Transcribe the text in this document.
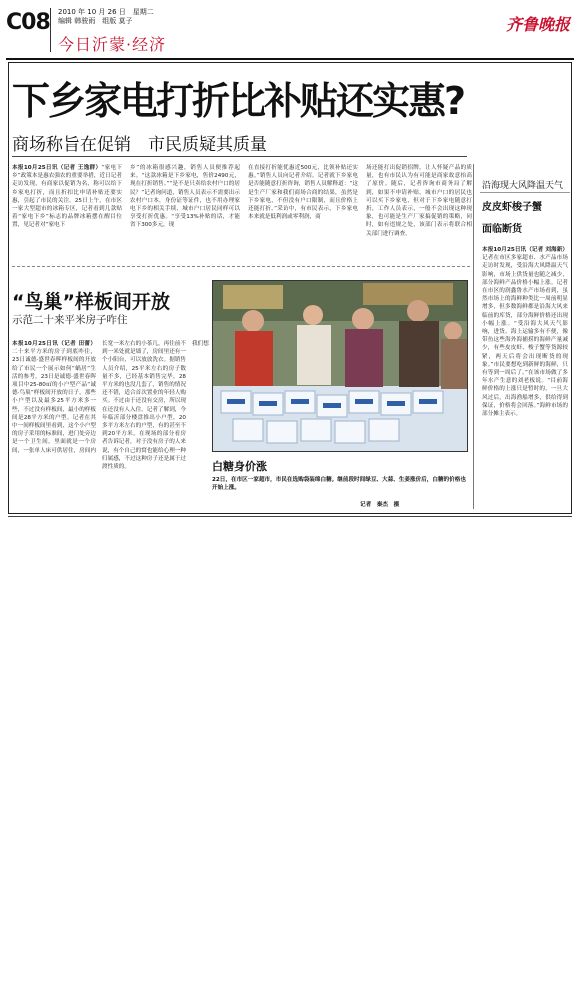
C08 2010 年 10 月 26 日　星期二
编辑 韩骏雨　组版 莫子
今日沂蒙·经济
齐鲁晚报
下乡家电打折比补贴还实惠?
商场称旨在促销　市民质疑其质量
本报10月25日讯（记者 王逸群）“家电下乡”政策本是惠农强农的重要举措，近日记者走访发现，有商家以促销为名，称可以给下乡家电打折，而且折扣比申请补贴还要实惠，引起了市民的关注。25日上午，在市区一家大型超市的冰箱专区，记者看到几款贴着“家电下乡”标志的品牌冰箱摆在醒目位置，见记者对“家电下
乡”的冰箱很感兴趣，销售人员便推荐起来。“这款冰箱是下乡家电，售价2490元，现在打折销售。”“是不是只卖给农村户口的居民？”记者询问道，销售人员表示不需要出示农村户口本，身份证等证件，也不用办理家电下乡的相关手续，城市户口居民同样可以享受打折优惠。“享受13%补贴的话，才能省下300多元，现
在直接打折能优惠近500元，比领补贴还实惠。”销售人员向记者介绍。记者就下乡家电是否能随意打折咨询，销售人员解释道：“这是生产厂家和我们商场合商的结果，虽然是下乡家电，不但没有户口限制，而且价格上还能打折。”采访中，有市民表示，下乡家电本来就是低利润或零利润，商
场还能打出促销招牌，让人怀疑产品的质量，也有市民认为有可能是商家故意抬高了原价。随后，记者咨询市商务局了解到，如果不申请补贴，城市户口的居民也可以买下乡家电，但对于下乡家电随意打折，工作人员表示，一般不会出现这种现象，也可能是生产厂家搞促销的策略，同时，如有违规之处，该部门表示将联合相关部门进行调查。
沿海现大风降温天气
皮皮虾梭子蟹
面临断货
本报10月25日讯（记者 刘海新）记者在市区多家超市、水产品市场走访时发现，受沿海大风降温天气影响，市场上供货量也随之减少，部分海鲜产品价格小幅上涨。记者在市区的润鑫鲁水产市场看到，虽然市场上的海鲜种类比一周前明显增多，但多数海鲜都是沿海大风来临前的库货，部分海鲜价格还出现小幅上涨。“受沿海大风天气影响，进货、海上运输多有不便，像带鱼这些海外海捕捞的海鲜产量减少，有些皮皮虾、梭子蟹等货源较紧，两天后将会出现断货的现象。”市民要想吃到新鲜的海鲜，只有等到一周后了。”在该市场做了多年水产生意的刘老板说。“目前海鲜价格的上涨只是暂时的，一旦大风过后，出海渔船增多，供给得到保证，价格将会回落。”海鲜市场的部分摊主表示。
“鸟巢”样板间开放
示范二十来平米房子咋住
本报10月25日讯（记者 田蕾）二十来平方米的房子到底咋住，23日诚德·盛世春晖样板间的开放给了市民一个展示如何“蜗居”生活的参考。23日是诚德·盛世春晖项目中25-80㎡的小户型产品“诚德·鸟巢”样板间开放的日子，那些小户型以及最多25平方米多一些，不过没有样板间，最小的样板间是28平方米的户型。记者在其中一间样板间里看到，这个小户型的房子采用的标准间，进门处旁边是一个卫生间，里面就是一个房间，一张单人床可供居住，房间内
长宽一米左右的小茶几，再往前不到一米处就是墙了，房间里还有一个小阳台，可以放放洗衣。据销售人员介绍，25平米左右的房子数量不多，已经基本销售完毕，28平方米的也没几套了，销售的情况还不错，适合首次置业的年轻人购买。不过由于还没有交房，所以现在还没有人入住。记者了解到，今年临沂部分楼盘推出小户型，20多平方米左右的户型，有的甚至不到20平方米，在现场的部分看房者告诉记者，对于没有房子的人来说，有个自己的窝也能给心理一种归属感，不过这种房子还是属于过渡性质的。
我们想
白糖身价涨
22日，在市区一家超市，市民在选购袋装绵白糖。继前段时间绿豆、大蒜、生姜涨价后，白糖的价格也开始上涨。
记者　秦杰　摄
